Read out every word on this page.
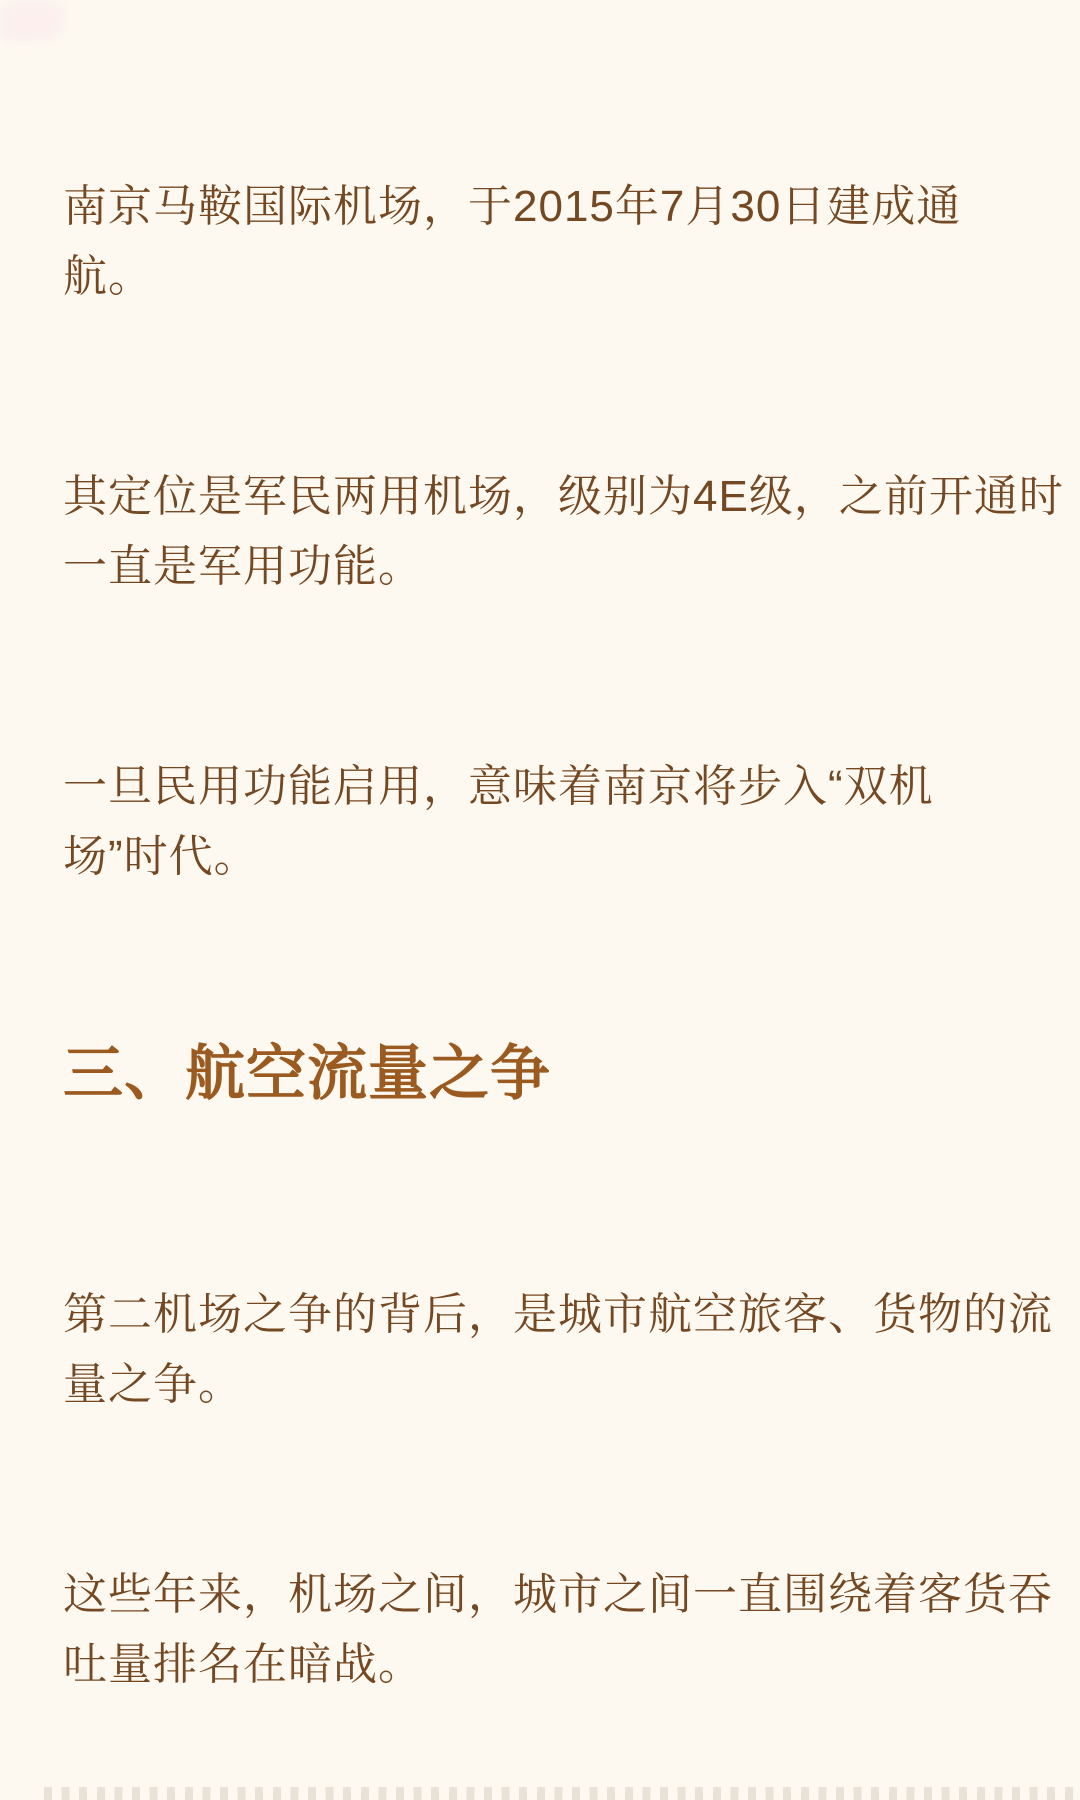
南京马鞍国际机场，于2015年7月30日建成通
航。
其定位是军民两用机场，级别为4E级，之前开通时
一直是军用功能。
一旦民用功能启用，意味着南京将步入“双机
场”时代。
三、航空流量之争
第二机场之争的背后，是城市航空旅客、货物的流
量之争。
这些年来，机场之间，城市之间一直围绕着客货吞
吐量排名在暗战。
